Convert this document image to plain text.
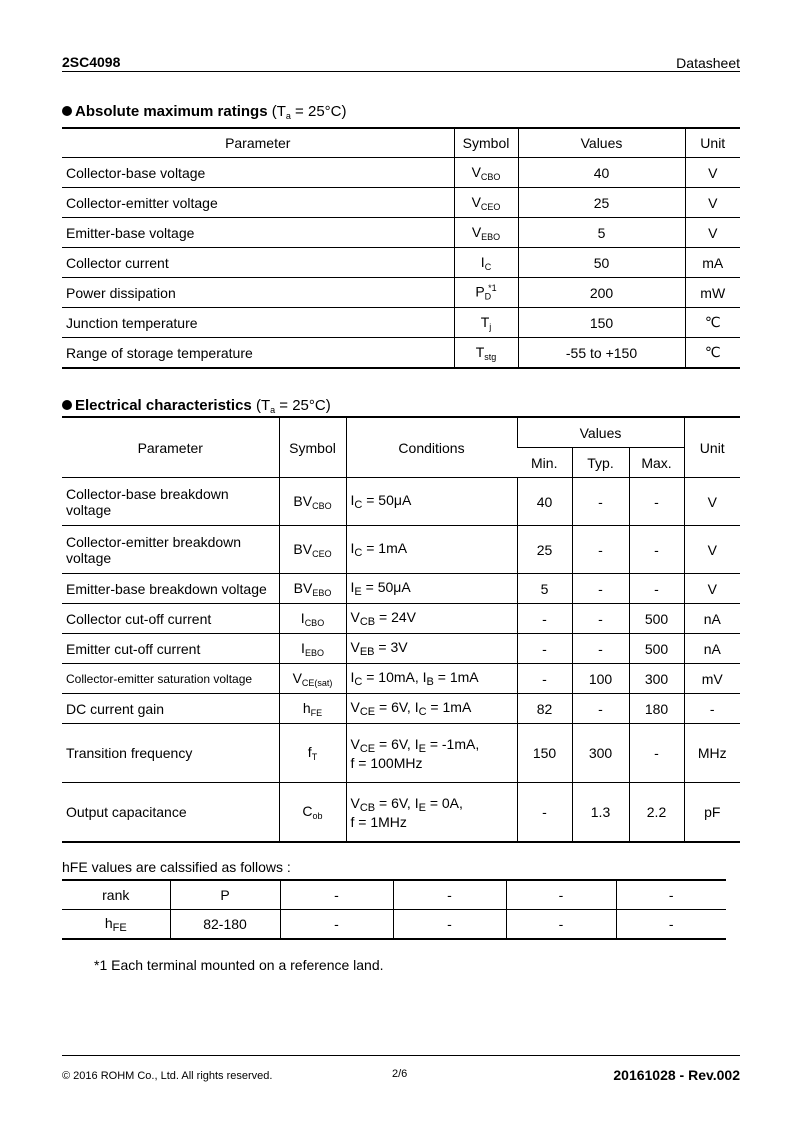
2SC4098	Datasheet
Absolute maximum ratings $(T_a = 25^\circ C)$
Parameter	Symbol	Values	Unit
Collector-base voltage	$V_{CBO}$	40	V
Collector-emitter voltage	$V_{CEO}$	25	V
Emitter-base voltage	$V_{EBO}$	5	V
Collector current	$I_C$	50	mA
Power dissipation	$P_D^{*1}$	200	mW
Junction temperature	$T_j$	150	℃
Range of storage temperature	$T_{stg}$	-55 to +150	℃
Electrical characteristics $(T_a = 25^\circ C)$
Parameter	Symbol	Conditions	Values			Unit
			Min.	Typ.	Max.	
Collector-base breakdown voltage	$BV_{CBO}$	$I_C = 50\mu A$	40	-	-	V
Collector-emitter breakdown voltage	$BV_{CEO}$	$I_C = 1mA$	25	-	-	V
Emitter-base breakdown voltage	$BV_{EBO}$	$I_E = 50\mu A$	5	-	-	V
Collector cut-off current	$I_{CBO}$	$V_{CB} = 24V$	-	-	500	nA
Emitter cut-off current	$I_{EBO}$	$V_{EB} = 3V$	-	-	500	nA
Collector-emitter saturation voltage	$V_{CE(sat)}$	$I_C = 10mA$, $I_B = 1mA$	-	100	300	mV
DC current gain	$h_{FE}$	$V_{CE} = 6V$, $I_C = 1mA$	82	-	180	-
Transition frequency	$f_T$	$V_{CE} = 6V$, $I_E = -1mA$,
f = 100MHz	150	300	-	MHz
Output capacitance	$C_{ob}$	$V_{CB} = 6V$, $I_E = 0A$,
f = 1MHz	-	1.3	2.2	pF
hFE values are calssified as follows :
rank	P	-	-	-	-
$h_{FE}$	82-180	-	-	-	-
*1 Each terminal mounted on a reference land.
© 2016 ROHM Co., Ltd. All rights reserved.	2/6	20161028 - Rev.002
